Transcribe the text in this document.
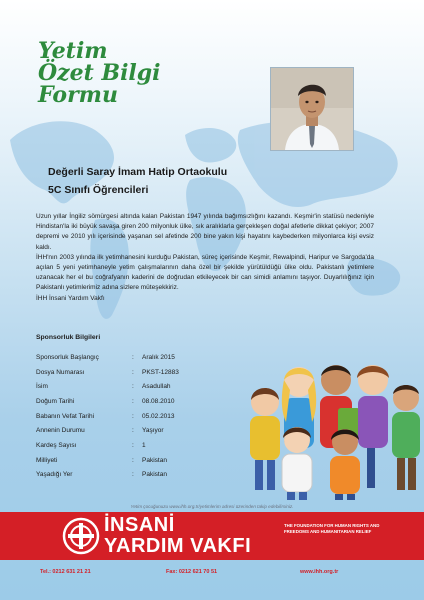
Yetim
Özet Bilgi
Formu
Değerli Saray İmam Hatip Ortaokulu
5C Sınıfı Öğrencileri

Uzun yıllar İngiliz sömürgesi altında kalan Pakistan 1947 yılında bağımsızlığını kazandı. Keşmir'in statüsü nedeniyle Hindistan'la iki büyük savaşa giren 200 milyonluk ülke, sık aralıklarla gerçekleşen doğal afetlerle dikkat çekiyor; 2007 depremi ve 2010 yılı içerisinde yaşanan sel afetinde 200 bine yakın kişi hayatını kaybederken milyonlarca kişi evsiz kaldı.

İHH'nın 2003 yılında ilk yetimhanesini kurduğu Pakistan, süreç içerisinde Keşmir, Rewalpindi, Haripur ve Sargoda'da açılan 5 yeni yetimhaneyle yetim çalışmalarının daha özel bir şekilde yürütüldüğü ülke oldu. Pakistanlı yetimlere uzanacak her el bu coğrafyanın kaderini de doğrudan etkileyecek bir can simidi anlamını taşıyor. Duyarlılığınız için Pakistanlı yetimlerimiz adına sizlere müteşekkiriz.

İHH İnsani Yardım Vakfı

Sponsorluk Bilgileri
Sponsorluk Başlangıç	:	Aralık 2015
Dosya Numarası	:	PKST-12883
İsim	:	Asadullah
Doğum Tarihi	:	08.08.2010
Babanın Vefat Tarihi	:	05.02.2013
Annenin Durumu	:	Yaşıyor
Kardeş Sayısı	:	1
Milliyeti	:	Pakistan
Yaşadığı Yer	:	Pakistan
Yetim çocuğunuzu www.ihh.org.tr/yetimlerim adresi üzerinden takip edebilirsiniz.
İNSANİ
YARDIM VAKFI
THE FOUNDATION FOR HUMAN RIGHTS AND FREEDOMS AND HUMANITARIAN RELIEF
Tel.: 0212 631 21 21	Fax: 0212 621 70 51	www.ihh.org.tr
